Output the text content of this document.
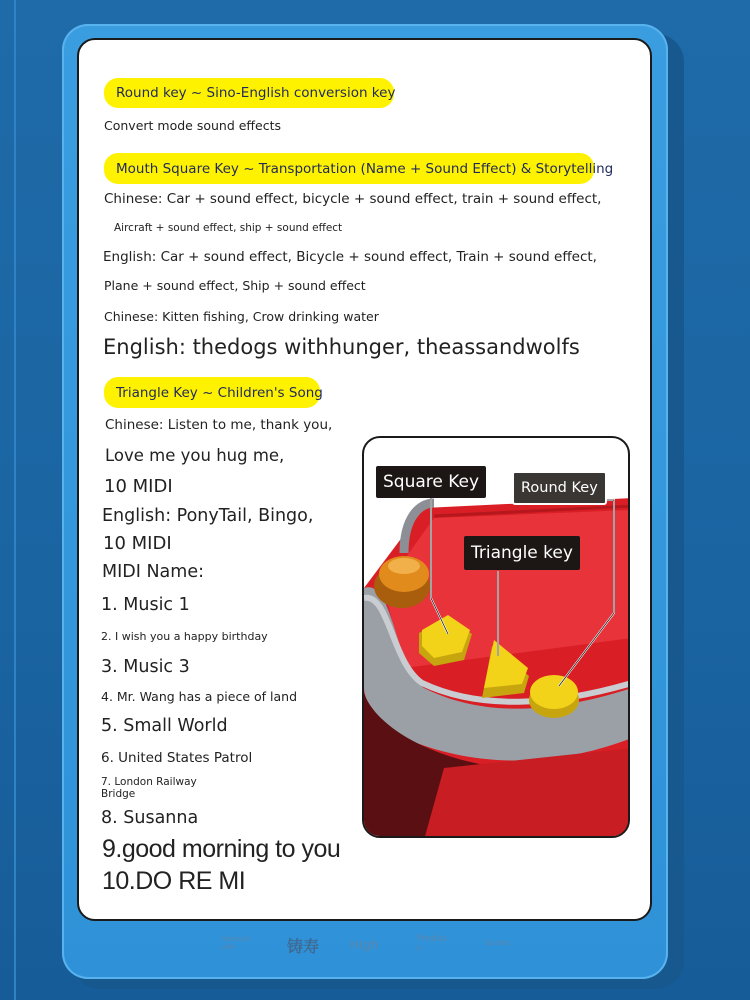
Round key ~ Sino-English conversion key
Convert mode sound effects
Mouth Square Key ~ Transportation (Name + Sound Effect) & Storytelling
Chinese: Car + sound effect, bicycle + sound effect, train + sound effect,
Aircraft + sound effect, ship + sound effect
English: Car + sound effect, Bicycle + sound effect, Train + sound effect,
Plane + sound effect, Ship + sound effect
Chinese: Kitten fishing, Crow drinking water
English: thedogs withhunger, theassandwolfs
Triangle Key ~ Children's Song
Chinese: Listen to me, thank you,
Love me you hug me,
10 MIDI
English: PonyTail, Bingo,
10 MIDI
MIDI Name:
1. Music 1
2. I wish you a happy birthday
3. Music 3
4. Mr. Wang has a piece of land
5. Small World
6. United States Patrol
7. London Railway
Bridge
8. Susanna
9.good morning to you
10.DO RE MI
Square Key	Round Key
Triangle key
Speciali
zed	铸寿 High	Produc
t
Quality
